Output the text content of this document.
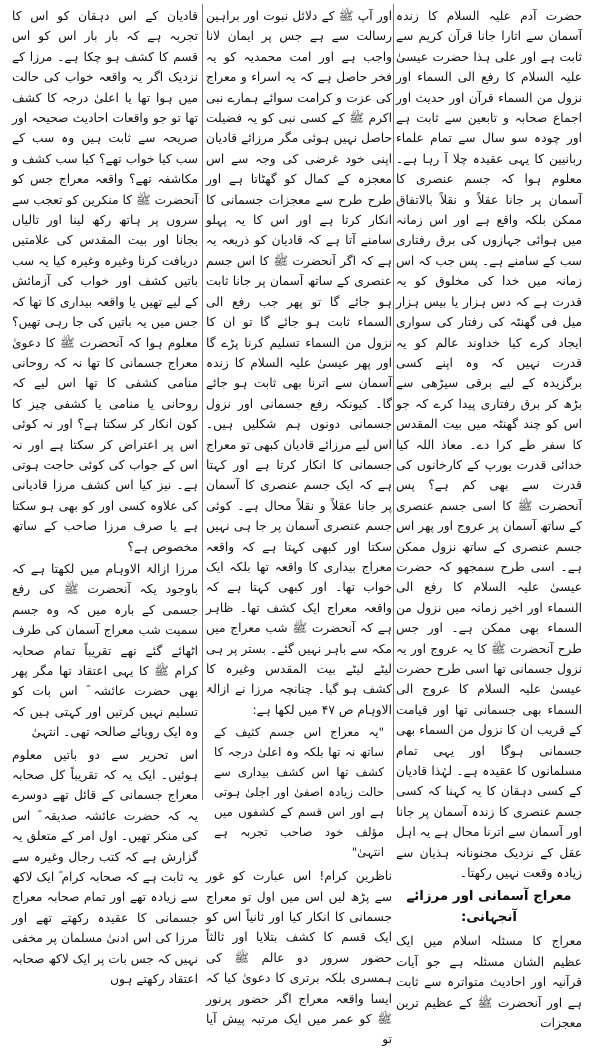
حضرت آدم علیہ السلام کا زندہ آسمان سے اتارا جانا قرآن کریم سے ثابت ہے اور علی ہذا حضرت عیسیٰ علیہ السلام کا رفع الی السماء اور نزول من السماء قرآن اور حدیث اور اجماع صحابہ و تابعین سے ثابت ہے اور چودہ سو سال سے تمام علماء ربانیین کا یہی عقیدہ چلا آ رہا ہے۔ معلوم ہوا کہ جسم عنصری کا آسمان پر جانا عقلاً و نقلاً بالاتفاق ممکن بلکہ واقع ہے اور اس زمانہ میں ہوائی جہازوں کی برق رفتاری سب کے سامنے ہے۔ پس جب کہ اس زمانہ میں خدا کی مخلوق کو یہ قدرت ہے کہ دس ہزار یا بیس ہزار میل فی گھنٹہ کی رفتار کی سواری ایجاد کرے کیا خداوند عالم کو یہ قدرت نہیں کہ وہ اپنے کسی برگزیدہ کے لیے برقی سیڑھی سے بڑھ کر برق رفتاری پیدا کرے کہ جو اس کو چند گھنٹہ میں بیت المقدس کا سفر طے کرا دے۔ معاذ اللہ کیا خدائی قدرت یورپ کے کارخانوں کی قدرت سے بھی کم ہے؟ پس آنحضرت ﷺ کا اسی جسم عنصری کے ساتھ آسمان پر عروج اور پھر اس جسم عنصری کے ساتھ نزول ممکن ہے۔ اسی طرح سمجھو کہ حضرت عیسیٰ علیہ السلام کا رفع الی السماء اور اخیر زمانہ میں نزول من السماء بھی ممکن ہے۔ اور جس طرح آنحضرت ﷺ کا یہ عروج اور یہ نزول جسمانی تھا اسی طرح حضرت عیسیٰ علیہ السلام کا عروج الی السماء بھی جسمانی تھا اور قیامت کے قریب ان کا نزول من السماء بھی جسمانی ہوگا اور یہی تمام مسلمانوں کا عقیدہ ہے۔ لہٰذا قادیان کے کسی دہقان کا یہ کہنا کہ کسی جسم عنصری کا زندہ آسمان پر جانا اور آسمان سے اترنا محال ہے یہ اہل عقل کے نزدیک مجنونانہ ہذیان سے زیادہ وقعت نہیں رکھتا۔

معراج آسمانی اور مرزائے آنجہانی:

معراج کا مسئلہ اسلام میں ایک عظیم الشان مسئلہ ہے جو آیات قرآنیہ اور احادیث متواترہ سے ثابت ہے اور آنحضرت ﷺ کے عظیم ترین معجزات

اور آپ ﷺ کے دلائل نبوت اور براہین رسالت سے ہے جس پر ایمان لانا واجب ہے اور امت محمدیہ کو یہ فخر حاصل ہے کہ یہ اسراء و معراج کی عزت و کرامت سوائے ہمارے نبی اکرم ﷺ کے کسی نبی کو یہ فضیلت حاصل نہیں ہوئی مگر مرزائے قادیان اپنی خود غرضی کی وجہ سے اس معجزہ کے کمال کو گھٹاتا ہے اور طرح طرح سے معجزات جسمانی کا انکار کرتا ہے اور اس کا یہ پہلو سامنے آتا ہے کہ قادیان کو ذریعہ یہ ہے کہ اگر آنحضرت ﷺ کا اس جسم عنصری کے ساتھ آسمان پر جانا ثابت ہو جائے گا تو پھر جب رفع الی السماء ثابت ہو جائے گا تو ان کا نزول من السماء تسلیم کرنا پڑے گا اور پھر عیسیٰ علیہ السلام کا زندہ آسمان سے اترنا بھی ثابت ہو جائے گا۔ کیونکہ رفع جسمانی اور نزول جسمانی دونوں ہم شکلیں ہیں۔ اس لیے مرزائے قادیان کبھی تو معراج جسمانی کا انکار کرتا ہے اور کہتا ہے کہ ایک جسم عنصری کا آسمان پر جانا عقلاً و نقلاً محال ہے۔ کوئی جسم عنصری آسمان پر جا ہی نہیں سکتا اور کبھی کہتا ہے کہ واقعہ معراج بیداری کا واقعہ تھا بلکہ ایک خواب تھا۔ اور کبھی کہتا ہے کہ واقعہ معراج ایک کشف تھا۔ ظاہر ہے کہ آنحضرت ﷺ شب معراج میں مکہ سے باہر نہیں گئے۔ بستر پر ہی لیٹے لیٹے بیت المقدس وغیرہ کا کشف ہو گیا۔ چنانچہ مرزا نے ازالۃ الاوہام ص ۴۷ میں لکھا ہے:

"یہ معراج اس جسم کثیف کے ساتھ نہ تھا بلکہ وہ اعلیٰ درجہ کا کشف تھا اس کشف بیداری سے حالت زیادہ اصفیٰ اور اجلیٰ ہوتی ہے اور اس قسم کے کشفوں میں مؤلف خود صاحب تجربہ ہے انتہیٰ"

ناظرین کرام! اس عبارت کو غور سے پڑھ لیں اس میں اول تو معراج جسمانی کا انکار کیا اور ثانیاً اس کو ایک قسم کا کشف بتلایا اور ثالثاً حضور سرور دو عالم ﷺ کی ہمسری بلکہ برتری کا دعویٰ کیا کہ ایسا واقعہ معراج اگر حضور پرنور ﷺ کو عمر میں ایک مرتبہ پیش آیا تو

قادیان کے اس دہقان کو اس کا تجربہ ہے کہ بار بار اس کو اس قسم کا کشف ہو چکا ہے۔ مرزا کے نزدیک اگر یہ واقعہ خواب کی حالت میں ہوا تھا یا اعلیٰ درجہ کا کشف تھا تو جو واقعات احادیث صحیحہ اور صریحہ سے ثابت ہیں وہ سب کے سب کیا خواب تھے؟ کیا سب کشف و مکاشفہ تھے؟ واقعہ معراج جس کو آنحضرت ﷺ کا منکرین کو تعجب سے سروں پر ہاتھ رکھ لینا اور تالیاں بجانا اور بیت المقدس کی علامتیں دریافت کرنا وغیرہ وغیرہ کیا یہ سب باتیں کشف اور خواب کی آزمائش کے لیے تھیں یا واقعہ بیداری کا تھا کہ جس میں یہ باتیں کی جا رہی تھیں؟ معلوم ہوا کہ آنحضرت ﷺ کا دعویٰ معراج جسمانی کا تھا نہ کہ روحانی منامی کشفی کا تھا اس لیے کہ روحانی یا منامی یا کشفی چیز کا کون انکار کر سکتا ہے؟ اور نہ کوئی اس پر اعتراض کر سکتا ہے اور نہ اس کے جواب کی کوئی حاجت ہوتی ہے۔ نیز کیا اس کشف مرزا قادیانی کی علاوہ کسی اور کو بھی ہو سکتا ہے یا صرف مرزا صاحب کے ساتھ مخصوص ہے؟

مرزا ازالۃ الاوہام میں لکھتا ہے کہ باوجود یکہ آنحضرت ﷺ کی رفع جسمی کے بارہ میں کہ وہ جسم سمیت شب معراج آسمان کی طرف اٹھائے گئے تھے تقریباً تمام صحابہ کرام ﷺ کا یہی اعتقاد تھا مگر پھر بھی حضرت عائشہ ؓ اس بات کو تسلیم نہیں کرتیں اور کہتی ہیں کہ وہ ایک رویائے صالحہ تھی۔ انتہیٰ

اس تحریر سے دو باتیں معلوم ہوئیں۔ ایک یہ کہ تقریباً کل صحابہ معراج جسمانی کے قائل تھے دوسرے یہ کہ حضرت عائشہ صدیقہ ؓ اس کی منکر تھیں۔ اول امر کے متعلق یہ گزارش ہے کہ کتب رجال وغیرہ سے یہ ثابت ہے کہ صحابہ کرام ؓ ایک لاکھ سے زیادہ تھے اور تمام صحابہ معراج جسمانی کا عقیدہ رکھتے تھے اور مرزا کی اس ادنیٰ مسلمان پر مخفی نہیں کہ جس بات پر ایک لاکھ صحابہ اعتقاد رکھتے ہوں
